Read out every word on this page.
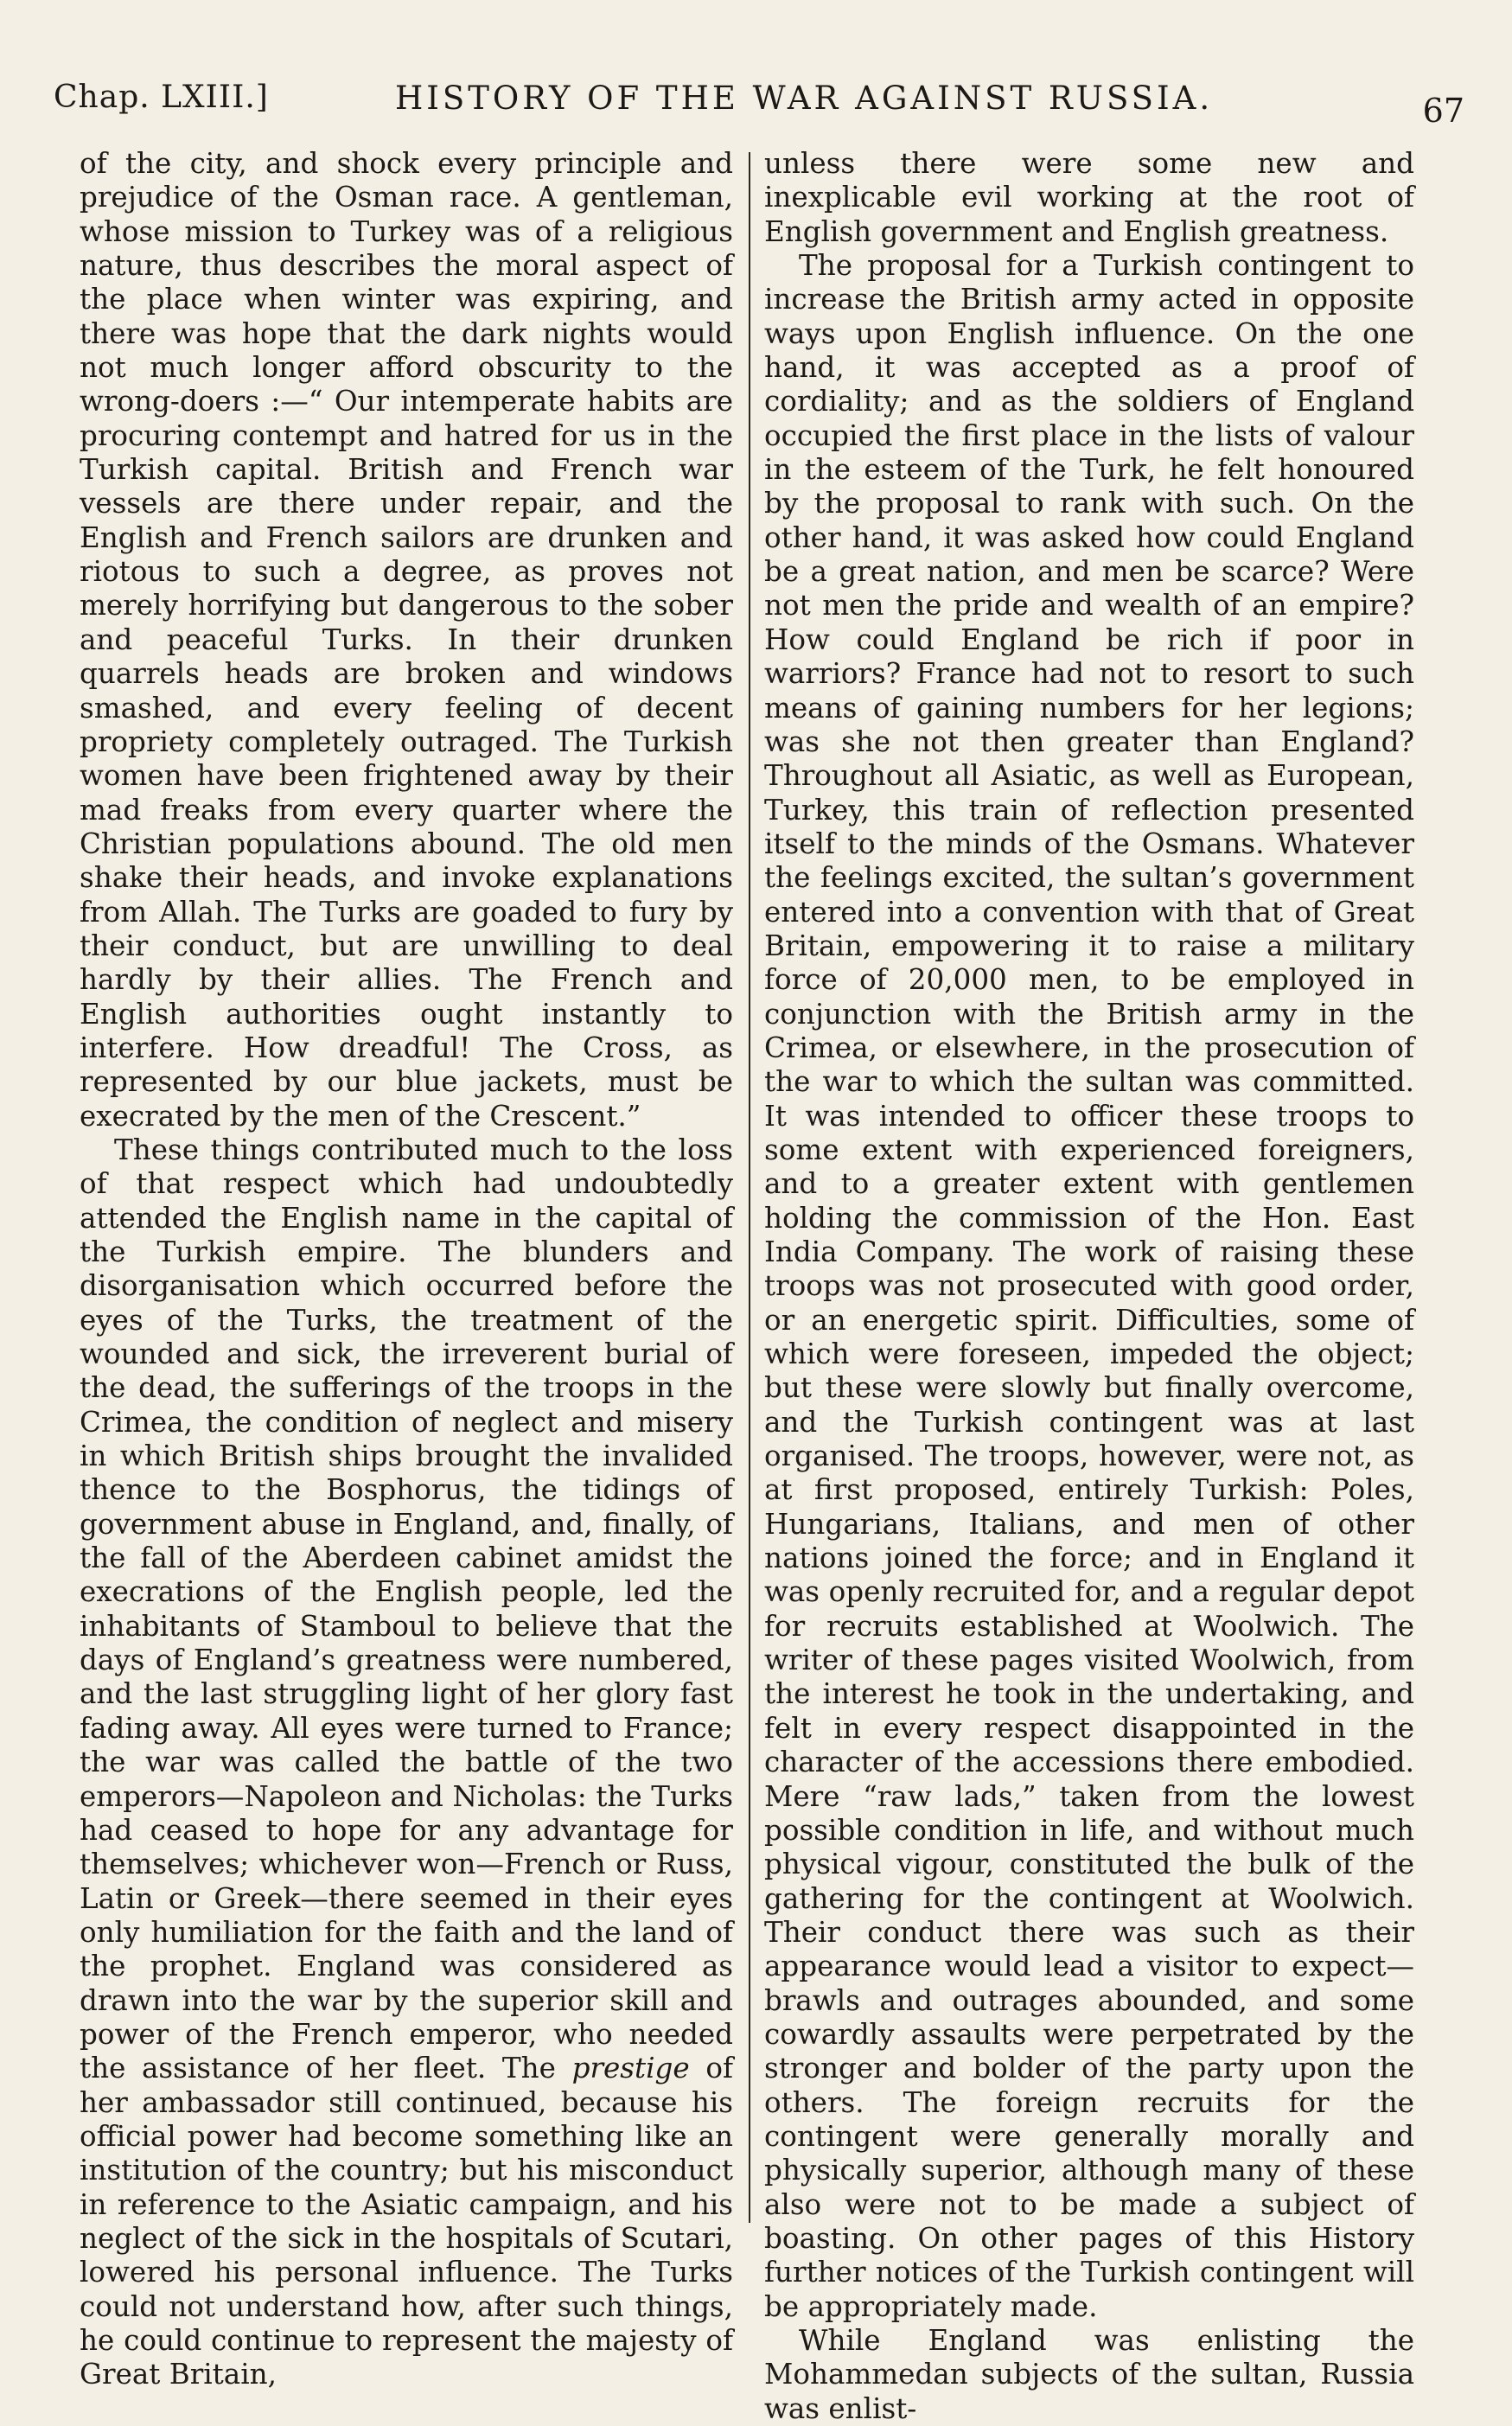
Chap. LXIII.]	HISTORY OF THE WAR AGAINST RUSSIA.	67

of the city, and shock every principle and prejudice of the Osman race. A gentleman, whose mission to Turkey was of a religious nature, thus describes the moral aspect of the place when winter was expiring, and there was hope that the dark nights would not much longer afford obscurity to the wrong-doers :—“ Our intemperate habits are procuring contempt and hatred for us in the Turkish capital. British and French war vessels are there under repair, and the English and French sailors are drunken and riotous to such a degree, as proves not merely horrifying but dangerous to the sober and peaceful Turks. In their drunken quarrels heads are broken and windows smashed, and every feeling of decent propriety completely outraged. The Turkish women have been frightened away by their mad freaks from every quarter where the Christian populations abound. The old men shake their heads, and invoke explanations from Allah. The Turks are goaded to fury by their conduct, but are unwilling to deal hardly by their allies. The French and English authorities ought instantly to interfere. How dreadful! The Cross, as represented by our blue jackets, must be execrated by the men of the Crescent.”

These things contributed much to the loss of that respect which had undoubtedly attended the English name in the capital of the Turkish empire. The blunders and disorganisation which occurred before the eyes of the Turks, the treatment of the wounded and sick, the irreverent burial of the dead, the sufferings of the troops in the Crimea, the condition of neglect and misery in which British ships brought the invalided thence to the Bosphorus, the tidings of government abuse in England, and, finally, of the fall of the Aberdeen cabinet amidst the execrations of the English people, led the inhabitants of Stamboul to believe that the days of England’s greatness were numbered, and the last struggling light of her glory fast fading away. All eyes were turned to France; the war was called the battle of the two emperors—Napoleon and Nicholas: the Turks had ceased to hope for any advantage for themselves; whichever won—French or Russ, Latin or Greek—there seemed in their eyes only humiliation for the faith and the land of the prophet. England was considered as drawn into the war by the superior skill and power of the French emperor, who needed the assistance of her fleet. The prestige of her ambassador still continued, because his official power had become something like an institution of the country; but his misconduct in reference to the Asiatic campaign, and his neglect of the sick in the hospitals of Scutari, lowered his personal influence. The Turks could not understand how, after such things, he could continue to represent the majesty of Great Britain,

unless there were some new and inexplicable evil working at the root of English government and English greatness.

The proposal for a Turkish contingent to increase the British army acted in opposite ways upon English influence. On the one hand, it was accepted as a proof of cordiality; and as the soldiers of England occupied the first place in the lists of valour in the esteem of the Turk, he felt honoured by the proposal to rank with such. On the other hand, it was asked how could England be a great nation, and men be scarce? Were not men the pride and wealth of an empire? How could England be rich if poor in warriors? France had not to resort to such means of gaining numbers for her legions; was she not then greater than England? Throughout all Asiatic, as well as European, Turkey, this train of reflection presented itself to the minds of the Osmans. Whatever the feelings excited, the sultan’s government entered into a convention with that of Great Britain, empowering it to raise a military force of 20,000 men, to be employed in conjunction with the British army in the Crimea, or elsewhere, in the prosecution of the war to which the sultan was committed. It was intended to officer these troops to some extent with experienced foreigners, and to a greater extent with gentlemen holding the commission of the Hon. East India Company. The work of raising these troops was not prosecuted with good order, or an energetic spirit. Difficulties, some of which were foreseen, impeded the object; but these were slowly but finally overcome, and the Turkish contingent was at last organised. The troops, however, were not, as at first proposed, entirely Turkish: Poles, Hungarians, Italians, and men of other nations joined the force; and in England it was openly recruited for, and a regular depot for recruits established at Woolwich. The writer of these pages visited Woolwich, from the interest he took in the undertaking, and felt in every respect disappointed in the character of the accessions there embodied. Mere “raw lads,” taken from the lowest possible condition in life, and without much physical vigour, constituted the bulk of the gathering for the contingent at Woolwich. Their conduct there was such as their appearance would lead a visitor to expect—brawls and outrages abounded, and some cowardly assaults were perpetrated by the stronger and bolder of the party upon the others. The foreign recruits for the contingent were generally morally and physically superior, although many of these also were not to be made a subject of boasting. On other pages of this History further notices of the Turkish contingent will be appropriately made.

While England was enlisting the Mohammedan subjects of the sultan, Russia was enlist-
